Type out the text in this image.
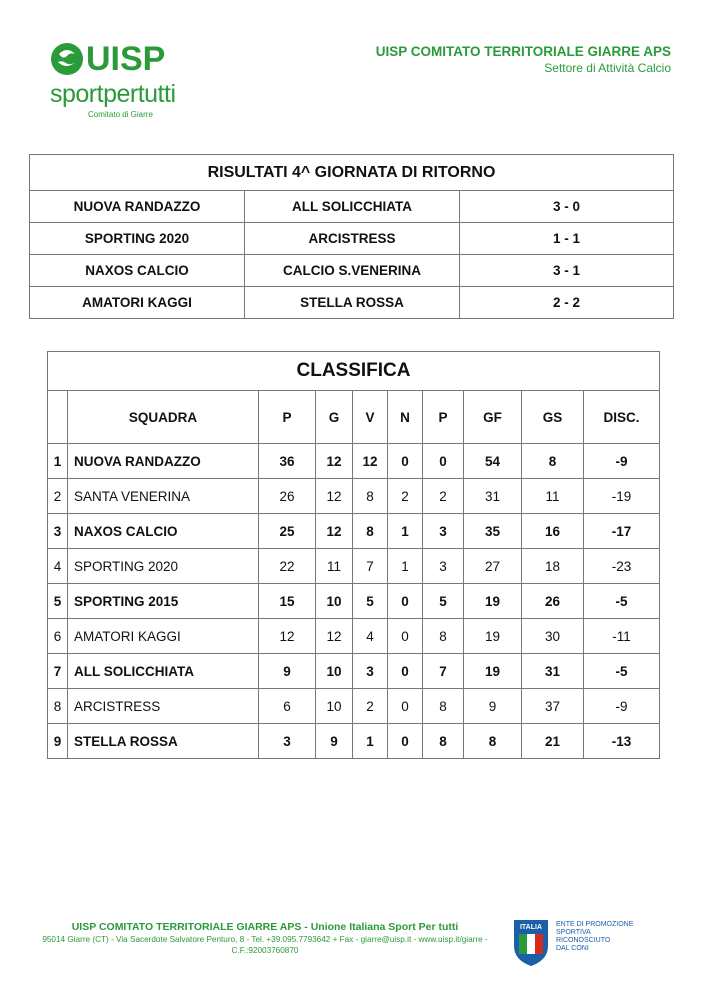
UISP
sportpertutti
Comitato di Giarre
UISP COMITATO TERRITORIALE GIARRE APS
Settore di Attività Calcio
RISULTATI 4^ GIORNATA DI RITORNO		
NUOVA RANDAZZO	ALL SOLICCHIATA	3 - 0
SPORTING 2020	ARCISTRESS	1 - 1
NAXOS CALCIO	CALCIO S.VENERINA	3 - 1
AMATORI KAGGI	STELLA ROSSA	2 - 2
CLASSIFICA									
	SQUADRA	P	G	V	N	P	GF	GS	DISC.
1	NUOVA RANDAZZO	36	12	12	0	0	54	8	-9
2	SANTA VENERINA	26	12	8	2	2	31	11	-19
3	NAXOS CALCIO	25	12	8	1	3	35	16	-17
4	SPORTING 2020	22	11	7	1	3	27	18	-23
5	SPORTING 2015	15	10	5	0	5	19	26	-5
6	AMATORI KAGGI	12	12	4	0	8	19	30	-11
7	ALL SOLICCHIATA	9	10	3	0	7	19	31	-5
8	ARCISTRESS	6	10	2	0	8	9	37	-9
9	STELLA ROSSA	3	9	1	0	8	8	21	-13
UISP COMITATO TERRITORIALE GIARRE APS - Unione Italiana Sport Per tutti
95014 Giarre (CT) - Via Sacerdote Salvatore Penturo, 8 - Tel. +39.095.7793642 + Fax - giarre@uisp.it - www.uisp.it/giarre -
C.F.:92003760870
ITALIA ENTE DI PROMOZIONE
SPORTIVA
RICONOSCIUTO
DAL CONI
